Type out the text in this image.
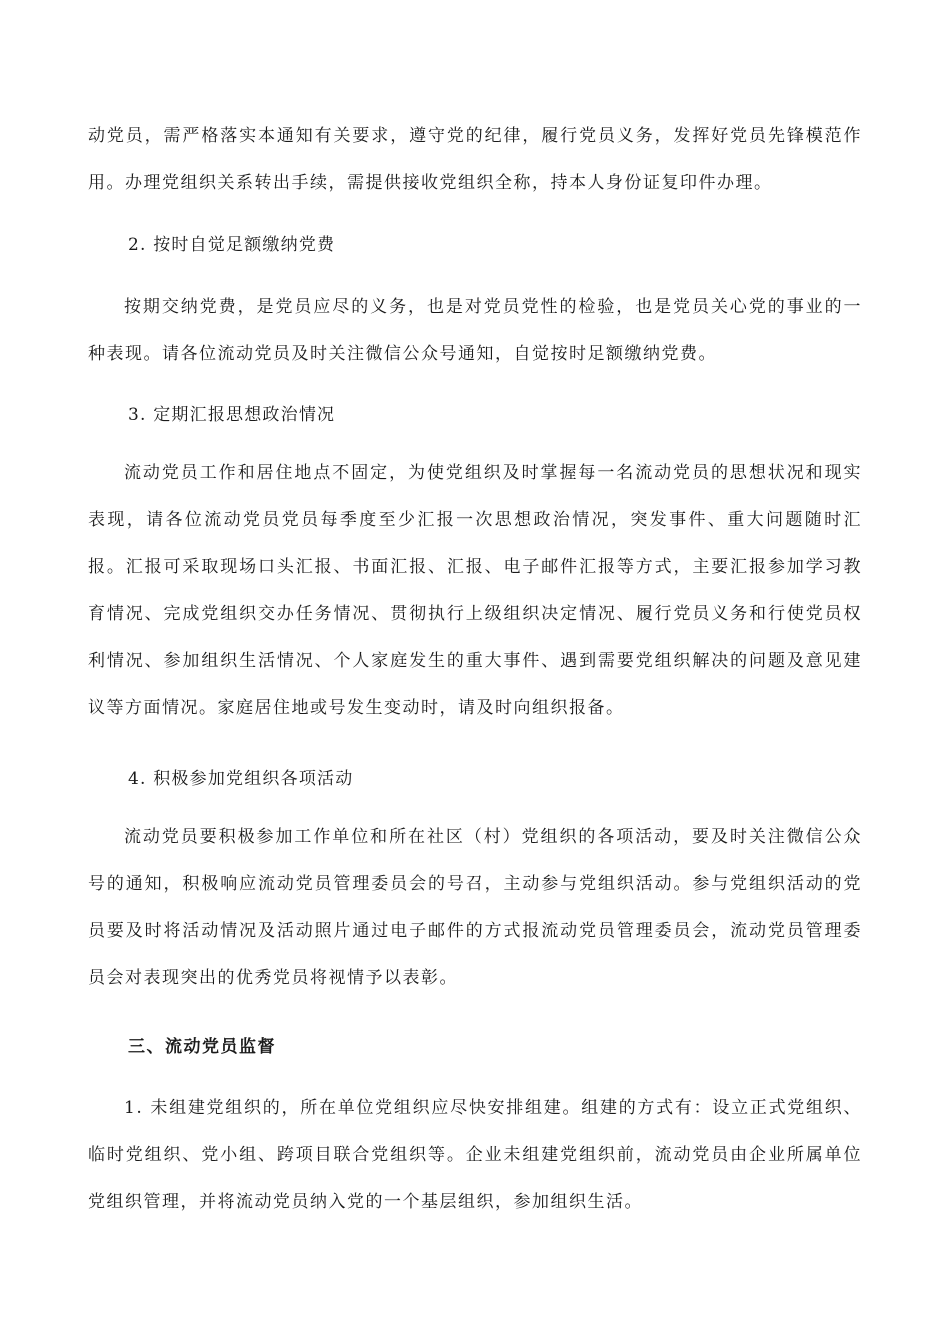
动党员，需严格落实本通知有关要求，遵守党的纪律，履行党员义务，发挥好党员先锋模范作用。办理党组织关系转出手续，需提供接收党组织全称，持本人身份证复印件办理。

2. 按时自觉足额缴纳党费

按期交纳党费，是党员应尽的义务，也是对党员党性的检验，也是党员关心党的事业的一种表现。请各位流动党员及时关注微信公众号通知，自觉按时足额缴纳党费。

3. 定期汇报思想政治情况

流动党员工作和居住地点不固定，为使党组织及时掌握每一名流动党员的思想状况和现实表现，请各位流动党员党员每季度至少汇报一次思想政治情况，突发事件、重大问题随时汇报。汇报可采取现场口头汇报、书面汇报、汇报、电子邮件汇报等方式，主要汇报参加学习教育情况、完成党组织交办任务情况、贯彻执行上级组织决定情况、履行党员义务和行使党员权利情况、参加组织生活情况、个人家庭发生的重大事件、遇到需要党组织解决的问题及意见建议等方面情况。家庭居住地或号发生变动时，请及时向组织报备。

4. 积极参加党组织各项活动

流动党员要积极参加工作单位和所在社区（村）党组织的各项活动，要及时关注微信公众号的通知，积极响应流动党员管理委员会的号召，主动参与党组织活动。参与党组织活动的党员要及时将活动情况及活动照片通过电子邮件的方式报流动党员管理委员会，流动党员管理委员会对表现突出的优秀党员将视情予以表彰。

三、流动党员监督

1. 未组建党组织的，所在单位党组织应尽快安排组建。组建的方式有：设立正式党组织、临时党组织、党小组、跨项目联合党组织等。企业未组建党组织前，流动党员由企业所属单位党组织管理，并将流动党员纳入党的一个基层组织，参加组织生活。
